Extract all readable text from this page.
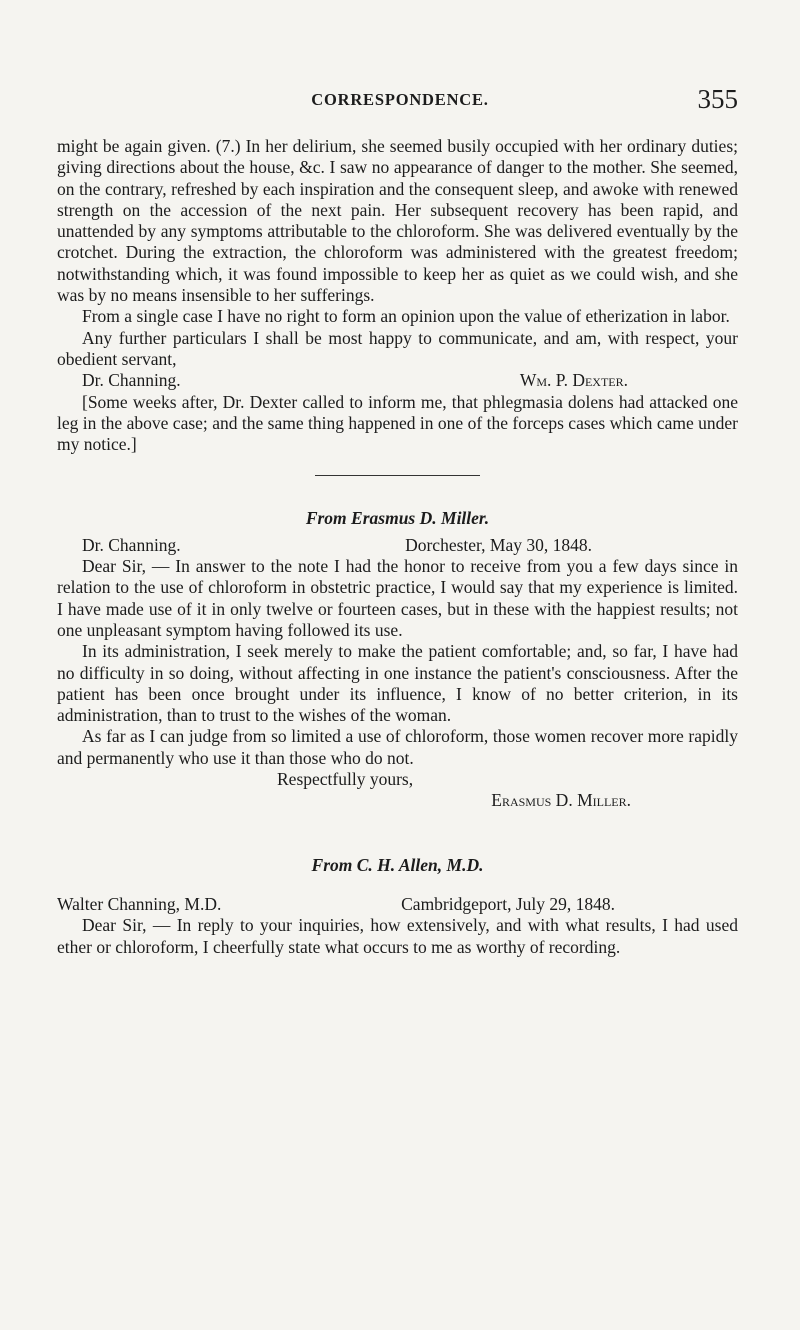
CORRESPONDENCE.	355

might be again given. (7.) In her delirium, she seemed busily occupied with her ordinary duties; giving directions about the house, &c. I saw no appearance of danger to the mother. She seemed, on the contrary, refreshed by each inspiration and the consequent sleep, and awoke with renewed strength on the accession of the next pain. Her subsequent recovery has been rapid, and unattended by any symptoms attributable to the chloroform. She was delivered eventually by the crotchet. During the extraction, the chloroform was administered with the greatest freedom; notwithstanding which, it was found impossible to keep her as quiet as we could wish, and she was by no means insensible to her sufferings.

From a single case I have no right to form an opinion upon the value of etherization in labor.

Any further particulars I shall be most happy to communicate, and am, with respect, your obedient servant,

Dr. Channing.	Wm. P. Dexter.

[Some weeks after, Dr. Dexter called to inform me, that phlegmasia dolens had attacked one leg in the above case; and the same thing happened in one of the forceps cases which came under my notice.]

From Erasmus D. Miller.

Dr. Channing.	Dorchester, May 30, 1848.

Dear Sir, — In answer to the note I had the honor to receive from you a few days since in relation to the use of chloroform in obstetric practice, I would say that my experience is limited. I have made use of it in only twelve or fourteen cases, but in these with the happiest results; not one unpleasant symptom having followed its use.

In its administration, I seek merely to make the patient comfortable; and, so far, I have had no difficulty in so doing, without affecting in one instance the patient's consciousness. After the patient has been once brought under its influence, I know of no better criterion, in its administration, than to trust to the wishes of the woman.

As far as I can judge from so limited a use of chloroform, those women recover more rapidly and permanently who use it than those who do not.

Respectfully yours,

Erasmus D. Miller.

From C. H. Allen, M.D.

Walter Channing, M.D.	Cambridgeport, July 29, 1848.

Dear Sir, — In reply to your inquiries, how extensively, and with what results, I had used ether or chloroform, I cheerfully state what occurs to me as worthy of recording.
